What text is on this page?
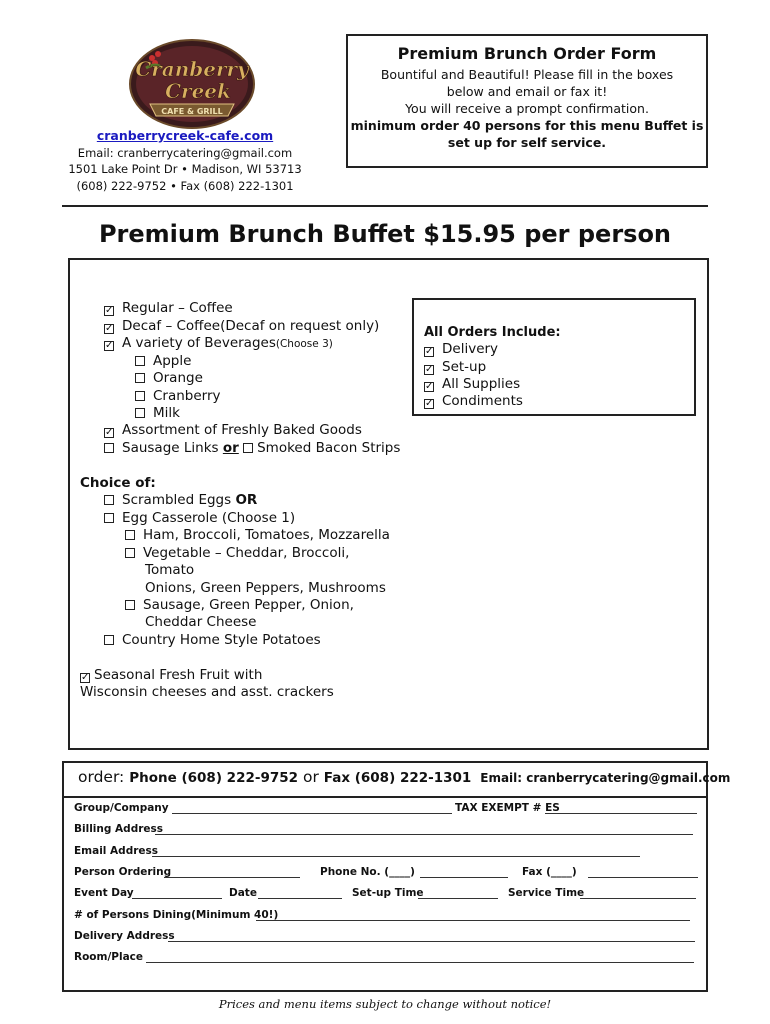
Cranberry
Creek
CAFE & GRILL
cranberrycreek-cafe.com
Email: cranberrycatering@gmail.com
1501 Lake Point Dr • Madison, WI 53713
(608) 222-9752 • Fax (608) 222-1301
Premium Brunch Order Form
Bountiful and Beautiful! Please fill in the boxes
below and email or fax it!
You will receive a prompt confirmation.
minimum order 40 persons for this menu Buffet is
set up for self service.
Premium Brunch Buffet $15.95 per person
✓ Regular – Coffee
✓ Decaf – Coffee(Decaf on request only)
✓ A variety of Beverages(Choose 3)
Apple
Orange
Cranberry
Milk
✓ Assortment of Freshly Baked Goods
Sausage Links or Smoked Bacon Strips
Choice of:
Scrambled Eggs OR
Egg Casserole (Choose 1)
Ham, Broccoli, Tomatoes, Mozzarella
Vegetable – Cheddar, Broccoli,
Tomato
Onions, Green Peppers, Mushrooms
Sausage, Green Pepper, Onion,
Cheddar Cheese
Country Home Style Potatoes
✓ Seasonal Fresh Fruit with
Wisconsin cheeses and asst. crackers
All Orders Include:
✓ Delivery
✓ Set-up
✓ All Supplies
✓ Condiments
order: Phone (608) 222-9752 or Fax (608) 222-1301 Email: cranberrycatering@gmail.com
Group/Company	TAX EXEMPT # ES
Billing Address
Email Address
Person Ordering	Phone No. (____)	Fax (____)
Event Day	Date	Set-up Time	Service Time
# of Persons Dining(Minimum 40!)
Delivery Address
Room/Place
Prices and menu items subject to change without notice!
